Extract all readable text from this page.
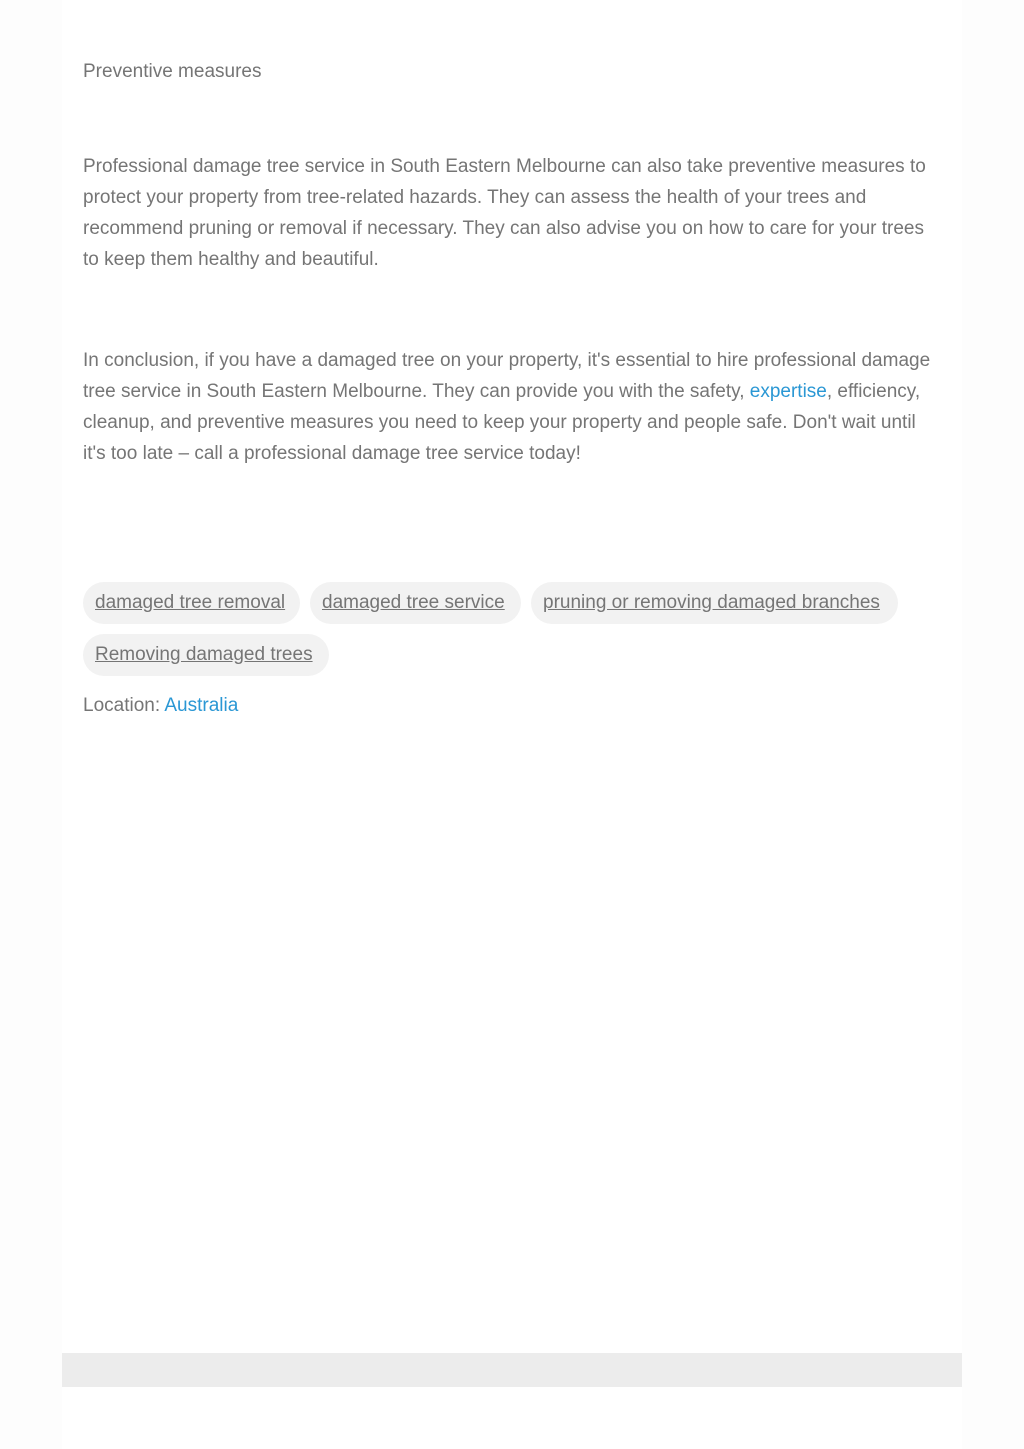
Preventive measures

Professional damage tree service in South Eastern Melbourne can also take preventive measures to protect your property from tree-related hazards. They can assess the health of your trees and recommend pruning or removal if necessary. They can also advise you on how to care for your trees to keep them healthy and beautiful.

In conclusion, if you have a damaged tree on your property, it's essential to hire professional damage tree service in South Eastern Melbourne. They can provide you with the safety, expertise, efficiency, cleanup, and preventive measures you need to keep your property and people safe. Don't wait until it's too late – call a professional damage tree service today!

damaged tree removal	damaged tree service	pruning or removing damaged branches
Removing damaged trees
Location: Australia
